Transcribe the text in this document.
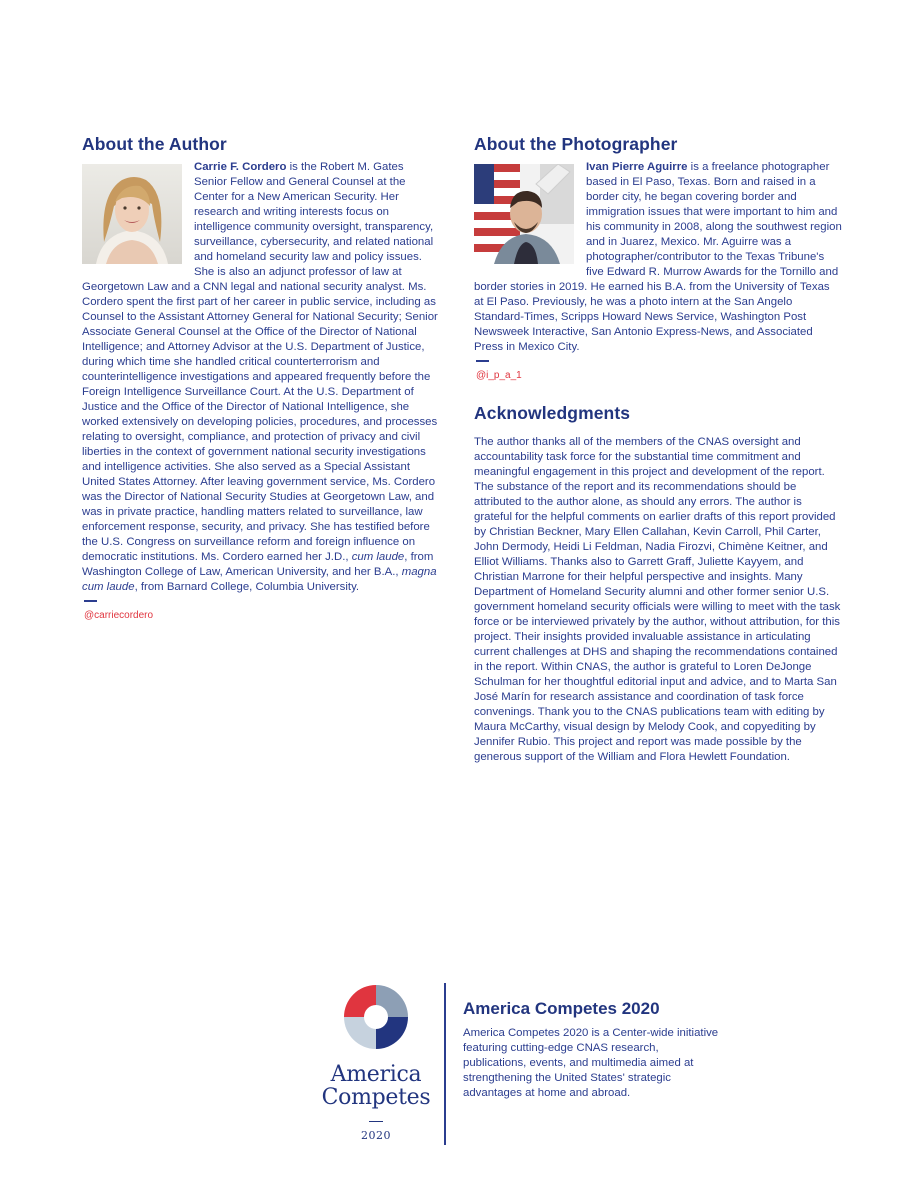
About the Author
Carrie F. Cordero is the Robert M. Gates Senior Fellow and General Counsel at the Center for a New American Security. Her research and writing interests focus on intelligence community oversight, transparency, surveillance, cybersecurity, and related national and homeland security law and policy issues. She is also an adjunct professor of law at Georgetown Law and a CNN legal and national security analyst. Ms. Cordero spent the first part of her career in public service, including as Counsel to the Assistant Attorney General for National Security; Senior Associate General Counsel at the Office of the Director of National Intelligence; and Attorney Advisor at the U.S. Department of Justice, during which time she handled critical counterterrorism and counterintelligence investigations and appeared frequently before the Foreign Intelligence Surveillance Court. At the U.S. Department of Justice and the Office of the Director of National Intelligence, she worked extensively on developing policies, procedures, and processes relating to oversight, compliance, and protection of privacy and civil liberties in the context of government national security investigations and intelligence activities. She also served as a Special Assistant United States Attorney. After leaving government service, Ms. Cordero was the Director of National Security Studies at Georgetown Law, and was in private practice, handling matters related to surveillance, law enforcement response, security, and privacy. She has testified before the U.S. Congress on surveillance reform and foreign influence on democratic institutions. Ms. Cordero earned her J.D., cum laude, from Washington College of Law, American University, and her B.A., magna cum laude, from Barnard College, Columbia University.
@carriecordero
About the Photographer
Ivan Pierre Aguirre is a freelance photographer based in El Paso, Texas. Born and raised in a border city, he began covering border and immigration issues that were important to him and his community in 2008, along the southwest region and in Juarez, Mexico. Mr. Aguirre was a photographer/contributor to the Texas Tribune's five Edward R. Murrow Awards for the Tornillo and border stories in 2019. He earned his B.A. from the University of Texas at El Paso. Previously, he was a photo intern at the San Angelo Standard-Times, Scripps Howard News Service, Washington Post Newsweek Interactive, San Antonio Express-News, and Associated Press in Mexico City.
@i_p_a_1
Acknowledgments
The author thanks all of the members of the CNAS oversight and accountability task force for the substantial time commitment and meaningful engagement in this project and development of the report. The substance of the report and its recommendations should be attributed to the author alone, as should any errors. The author is grateful for the helpful comments on earlier drafts of this report provided by Christian Beckner, Mary Ellen Callahan, Kevin Carroll, Phil Carter, John Dermody, Heidi Li Feldman, Nadia Firozvi, Chimène Keitner, and Elliot Williams. Thanks also to Garrett Graff, Juliette Kayyem, and Christian Marrone for their helpful perspective and insights. Many Department of Homeland Security alumni and other former senior U.S. government homeland security officials were willing to meet with the task force or be interviewed privately by the author, without attribution, for this project. Their insights provided invaluable assistance in articulating current challenges at DHS and shaping the recommendations contained in the report. Within CNAS, the author is grateful to Loren DeJonge Schulman for her thoughtful editorial input and advice, and to Marta San José Marín for research assistance and coordination of task force convenings. Thank you to the CNAS publications team with editing by Maura McCarthy, visual design by Melody Cook, and copyediting by Jennifer Rubio. This project and report was made possible by the generous support of the William and Flora Hewlett Foundation.
America
Competes
2020
America Competes 2020
America Competes 2020 is a Center-wide initiative featuring cutting-edge CNAS research, publications, events, and multimedia aimed at strengthening the United States' strategic advantages at home and abroad.
